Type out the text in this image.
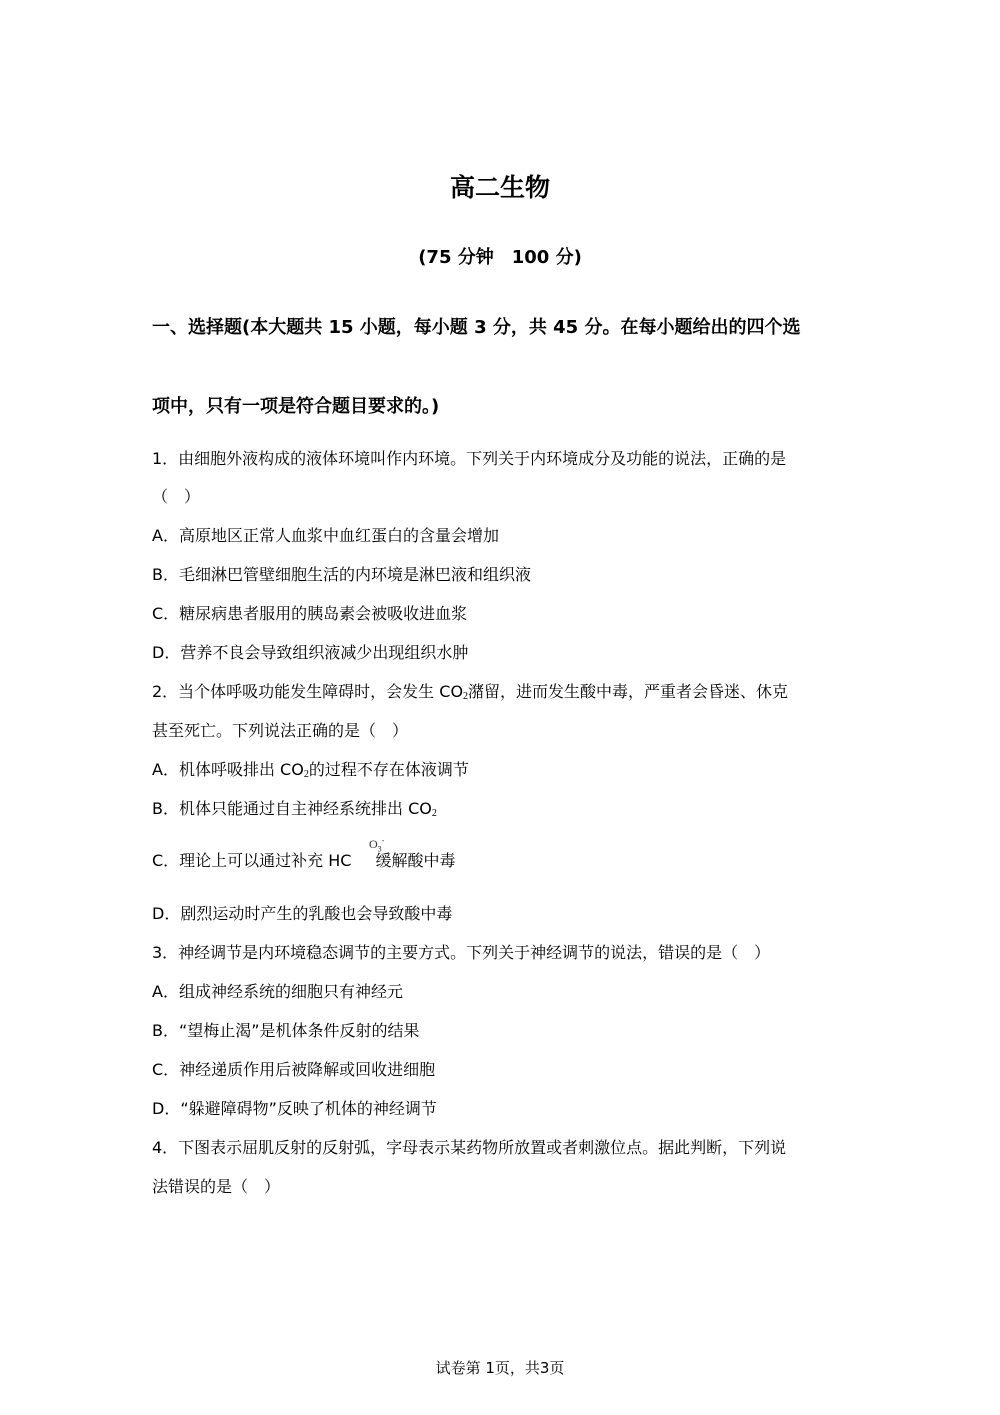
高二生物
(75 分钟　100 分)
一、选择题(本大题共 15 小题，每小题 3 分，共 45 分。在每小题给出的四个选
项中，只有一项是符合题目要求的。)
1．由细胞外液构成的液体环境叫作内环境。下列关于内环境成分及功能的说法，正确的是
（　）
A．高原地区正常人血浆中血红蛋白的含量会增加
B．毛细淋巴管壁细胞生活的内环境是淋巴液和组织液
C．糖尿病患者服用的胰岛素会被吸收进血浆
D．营养不良会导致组织液减少出现组织水肿
2．当个体呼吸功能发生障碍时，会发生 $CO_2$潴留，进而发生酸中毒，严重者会昏迷、休克
甚至死亡。下列说法正确的是（　）
A．机体呼吸排出 $CO_2$的过程不存在体液调节
B．机体只能通过自主神经系统排出 $CO_2$
C．理论上可以通过补充 HC 缓解酸中毒
$O_3^-$
D．剧烈运动时产生的乳酸也会导致酸中毒
3．神经调节是内环境稳态调节的主要方式。下列关于神经调节的说法，错误的是（　）
A．组成神经系统的细胞只有神经元
B．“望梅止渴”是机体条件反射的结果
C．神经递质作用后被降解或回收进细胞
D．“躲避障碍物”反映了机体的神经调节
4．下图表示屈肌反射的反射弧，字母表示某药物所放置或者刺激位点。据此判断，下列说
法错误的是（　）
试卷第 1页，共3页
